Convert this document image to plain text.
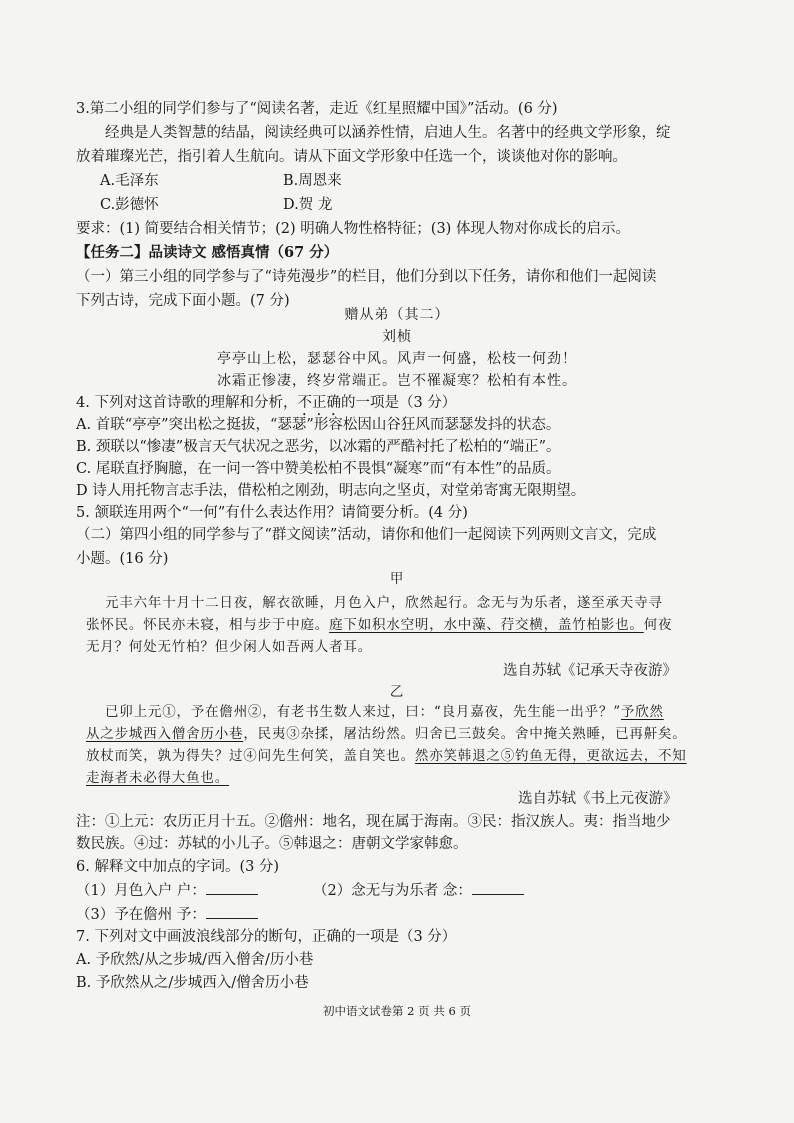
3.第二小组的同学们参与了“阅读名著，走近《红星照耀中国》”活动。(6 分)
经典是人类智慧的结晶，阅读经典可以涵养性情，启迪人生。名著中的经典文学形象，绽
放着璀璨光芒，指引着人生航向。请从下面文学形象中任选一个，谈谈他对你的影响。
A.毛泽东	B.周恩来
C.彭德怀	D.贺 龙
要求：(1) 简要结合相关情节；(2) 明确人物性格特征；(3) 体现人物对你成长的启示。
【任务二】品读诗文 感悟真情（67 分）
（一）第三小组的同学参与了“诗苑漫步”的栏目，他们分到以下任务，请你和他们一起阅读
下列古诗，完成下面小题。(7 分)
赠从弟（其二）
刘桢
亭亭山上松，瑟瑟谷中风。风声一何盛，松枝一何劲！
冰霜正惨凄，终岁常端正。岂不罹凝寒？松柏有本性。
4. 下列对这首诗歌的理解和分析，不正确的一项是（3 分）
A. 首联“亭亭”突出松之挺拔，“瑟瑟”形容松因山谷狂风而瑟瑟发抖的状态。
B. 颈联以“惨凄”极言天气状况之恶劣，以冰霜的严酷衬托了松柏的“端正”。
C. 尾联直抒胸臆，在一问一答中赞美松柏不畏惧“凝寒”而“有本性”的品质。
D 诗人用托物言志手法，借松柏之刚劲，明志向之坚贞，对堂弟寄寓无限期望。
5. 颔联连用两个“一何”有什么表达作用？请简要分析。(4 分)
（二）第四小组的同学参与了“群文阅读”活动，请你和他们一起阅读下列两则文言文，完成
小题。(16 分)
甲
元丰六年十月十二日夜，解衣欲睡，月色入户，欣然起行。念无与为乐者，遂至承天寺寻
张怀民。怀民亦未寝，相与步于中庭。庭下如积水空明，水中藻、荇交横，盖竹柏影也。何夜
无月？何处无竹柏？但少闲人如吾两人者耳。
选自苏轼《记承天寺夜游》
乙
已卯上元①，予在儋州②，有老书生数人来过，曰：“良月嘉夜，先生能一出乎？”予欣然
从之步城西入僧舍历小巷，民夷③杂揉，屠沽纷然。归舍已三鼓矣。舍中掩关熟睡，已再鼾矣。
放杖而笑，孰为得失？过④问先生何笑，盖自笑也。然亦笑韩退之⑤钓鱼无得，更欲远去，不知
走海者未必得大鱼也。
选自苏轼《书上元夜游》
注：①上元：农历正月十五。②儋州：地名，现在属于海南。③民：指汉族人。夷：指当地少
数民族。④过：苏轼的小儿子。⑤韩退之：唐朝文学家韩愈。
6. 解释文中加点的字词。(3 分)
（1）月色入户 户：	（2）念无与为乐者 念：
（3）予在儋州 予：
7. 下列对文中画波浪线部分的断句，正确的一项是（3 分）
A. 予欣然/从之步城/西入僧舍/历小巷
B. 予欣然从之/步城西入/僧舍历小巷
初中语文试卷第 2 页 共 6 页
